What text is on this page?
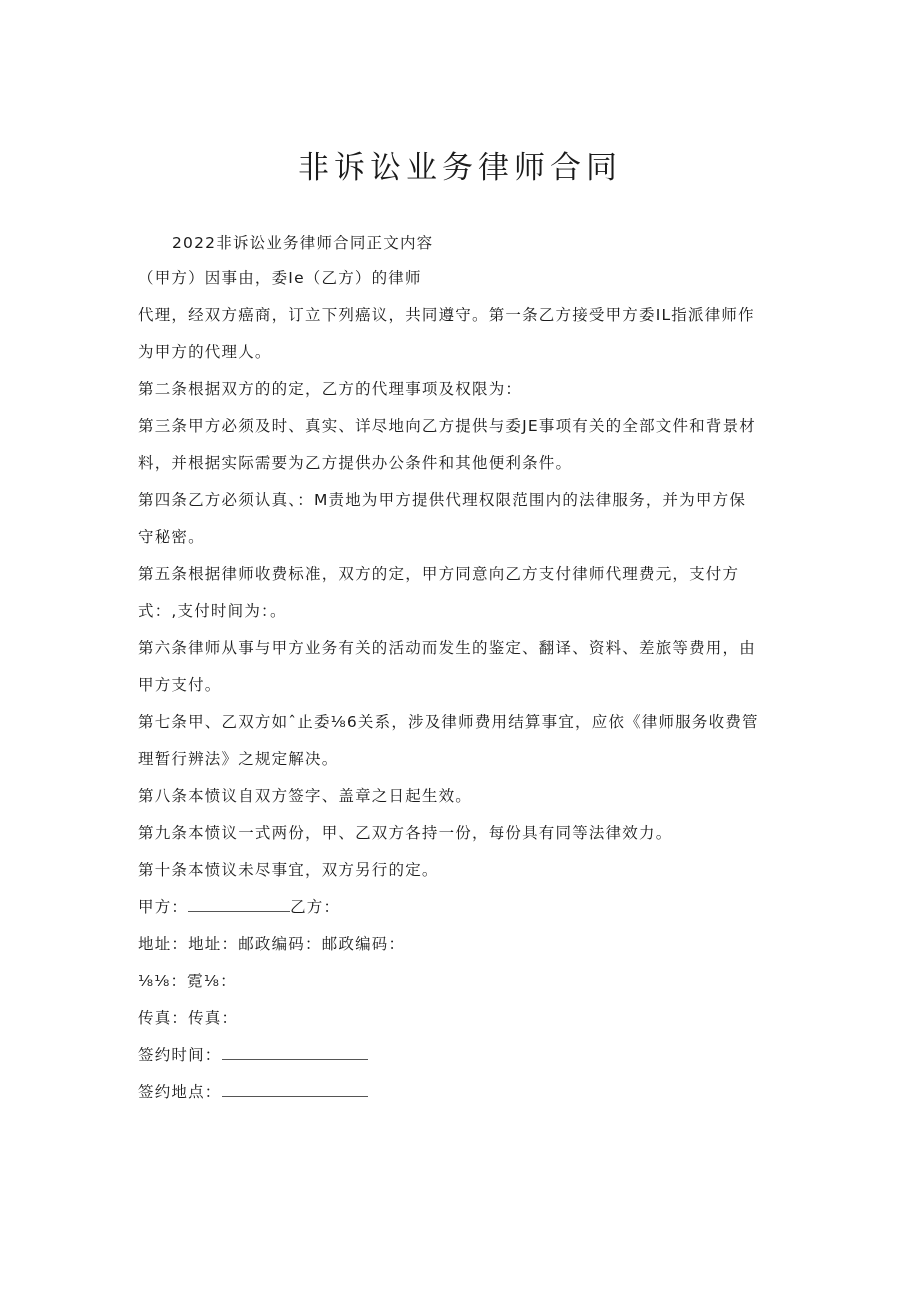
非诉讼业务律师合同

2022非诉讼业务律师合同正文内容

（甲方）因事由，委Ie（乙方）的律师

代理，经双方癌商，订立下列癌议，共同遵守。第一条乙方接受甲方委IL指派律师作

为甲方的代理人。

第二条根据双方的的定，乙方的代理事项及权限为：

第三条甲方必须及时、真实、详尽地向乙方提供与委JE事项有关的全部文件和背景材

料，并根据实际需要为乙方提供办公条件和其他便利条件。

第四条乙方必须认真、：M责地为甲方提供代理权限范围内的法律服务，并为甲方保

守秘密。

第五条根据律师收费标准，双方的定，甲方同意向乙方支付律师代理费元，支付方

式：,支付时间为：。

第六条律师从事与甲方业务有关的活动而发生的鉴定、翻译、资料、差旅等费用，由

甲方支付。

第七条甲、乙双方如ˆ止委⅛6关系，涉及律师费用结算事宜，应依《律师服务收费管

理暂行辨法》之规定解决。

第八条本愤议自双方签字、盖章之日起生效。

第九条本愤议一式两份，甲、乙双方各持一份，每份具有同等法律效力。

第十条本愤议未尽事宜，双方另行的定。

甲方：	乙方：

地址：地址：邮政编码：邮政编码：

⅛⅛：霓⅛：

传真：传真：

签约时间：

签约地点：
